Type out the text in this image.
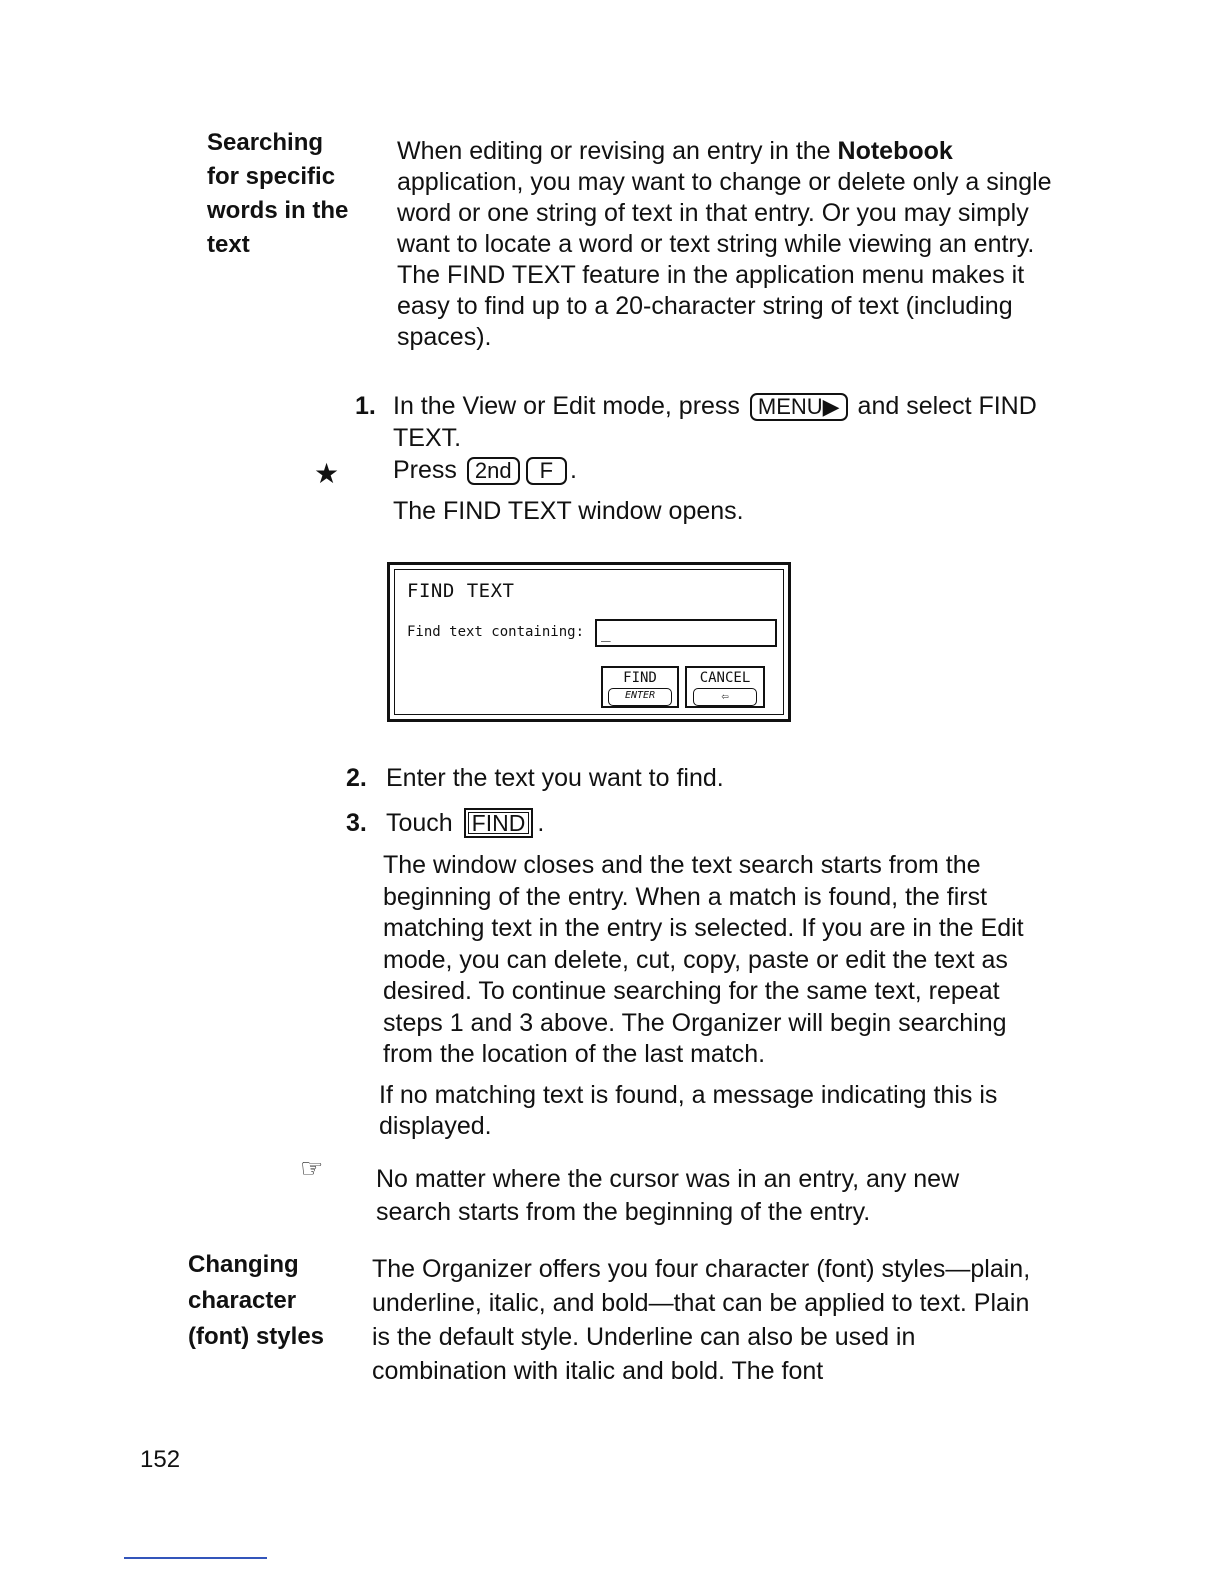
Searching
for specific
words in the
text

When editing or revising an entry in the Notebook application, you may want to change or delete only a single word or one string of text in that entry. Or you may simply want to locate a word or text string while viewing an entry. The FIND TEXT feature in the application menu makes it easy to find up to a 20-character string of text (including spaces).

1. In the View or Edit mode, press MENU▶ and select FIND TEXT.
★ Press 2nd F .
The FIND TEXT window opens.
FIND TEXT
Find text containing:	_
FIND
ENTER
CANCEL
⇦
2. Enter the text you want to find.
3. Touch FIND .

The window closes and the text search starts from the beginning of the entry. When a match is found, the first matching text in the entry is selected. If you are in the Edit mode, you can delete, cut, copy, paste or edit the text as desired. To continue searching for the same text, repeat steps 1 and 3 above. The Organizer will begin searching from the location of the last match.

If no matching text is found, a message indicating this is displayed.

☞ No matter where the cursor was in an entry, any new search starts from the beginning of the entry.

Changing
character
(font) styles

The Organizer offers you four character (font) styles—plain, underline, italic, and bold—that can be applied to text. Plain is the default style. Underline can also be used in combination with italic and bold. The font

152
